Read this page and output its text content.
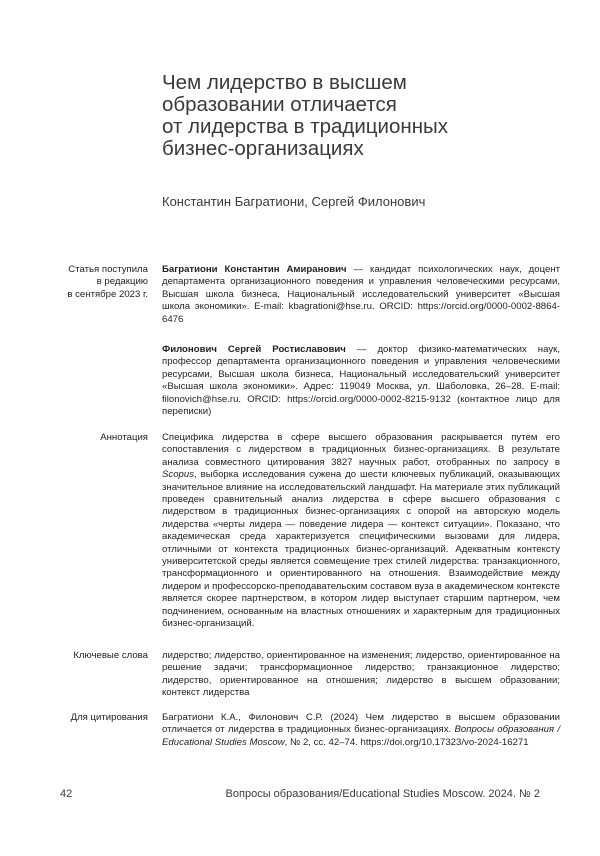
Чем лидерство в высшем
образовании отличается
от лидерства в традиционных
бизнес-организациях
Константин Багратиони, Сергей Филонович
Статья поступила
в редакцию
в сентябре 2023 г.

Багратиони Константин Амиранович — кандидат психологических наук, доцент департамента организационного поведения и управления человеческими ресурсами, Высшая школа бизнеса, Национальный исследовательский университет «Высшая школа экономики». E-mail: kbagrationi@hse.ru. ORCID: https://orcid.org/0000-0002-8864-6476

Филонович Сергей Ростиславович — доктор физико-математических наук, профессор департамента организационного поведения и управления человеческими ресурсами, Высшая школа бизнеса, Национальный исследовательский университет «Высшая школа экономики». Адрес: 119049 Москва, ул. Шаболовка, 26–28. E-mail: filonovich@hse.ru. ORCID: https://orcid.org/0000-0002-8215-9132 (контактное лицо для переписки)

Аннотация Специфика лидерства в сфере высшего образования раскрывается путем его сопоставления с лидерством в традиционных бизнес-организациях. В результате анализа совместного цитирования 3827 научных работ, отобранных по запросу в Scopus, выборка исследования сужена до шести ключевых публикаций, оказывающих значительное влияние на исследовательский ландшафт. На материале этих публикаций проведен сравнительный анализ лидерства в сфере высшего образования с лидерством в традиционных бизнес-организациях с опорой на авторскую модель лидерства «черты лидера — поведение лидера — контекст ситуации». Показано, что академическая среда характеризуется специфическими вызовами для лидера, отличными от контекста традиционных бизнес-организаций. Адекватным контексту университетской среды является совмещение трех стилей лидерства: транзакционного, трансформационного и ориентированного на отношения. Взаимодействие между лидером и профессорско-преподавательским составом вуза в академическом контексте является скорее партнерством, в котором лидер выступает старшим партнером, чем подчинением, основанным на властных отношениях и характерным для традиционных бизнес-организаций.

Ключевые слова лидерство; лидерство, ориентированное на изменения; лидерство, ориентированное на решение задачи; трансформационное лидерство; транзакционное лидерство; лидерство, ориентированное на отношения; лидерство в высшем образовании; контекст лидерства

Для цитирования Багратиони К.А., Филонович С.Р. (2024) Чем лидерство в высшем образовании отличается от лидерства в традиционных бизнес-организациях. Вопросы образования / Educational Studies Moscow, № 2, сс. 42–74. https://doi.org/10.17323/vo-2024-16271

42	Вопросы образования/Educational Studies Moscow. 2024. № 2
